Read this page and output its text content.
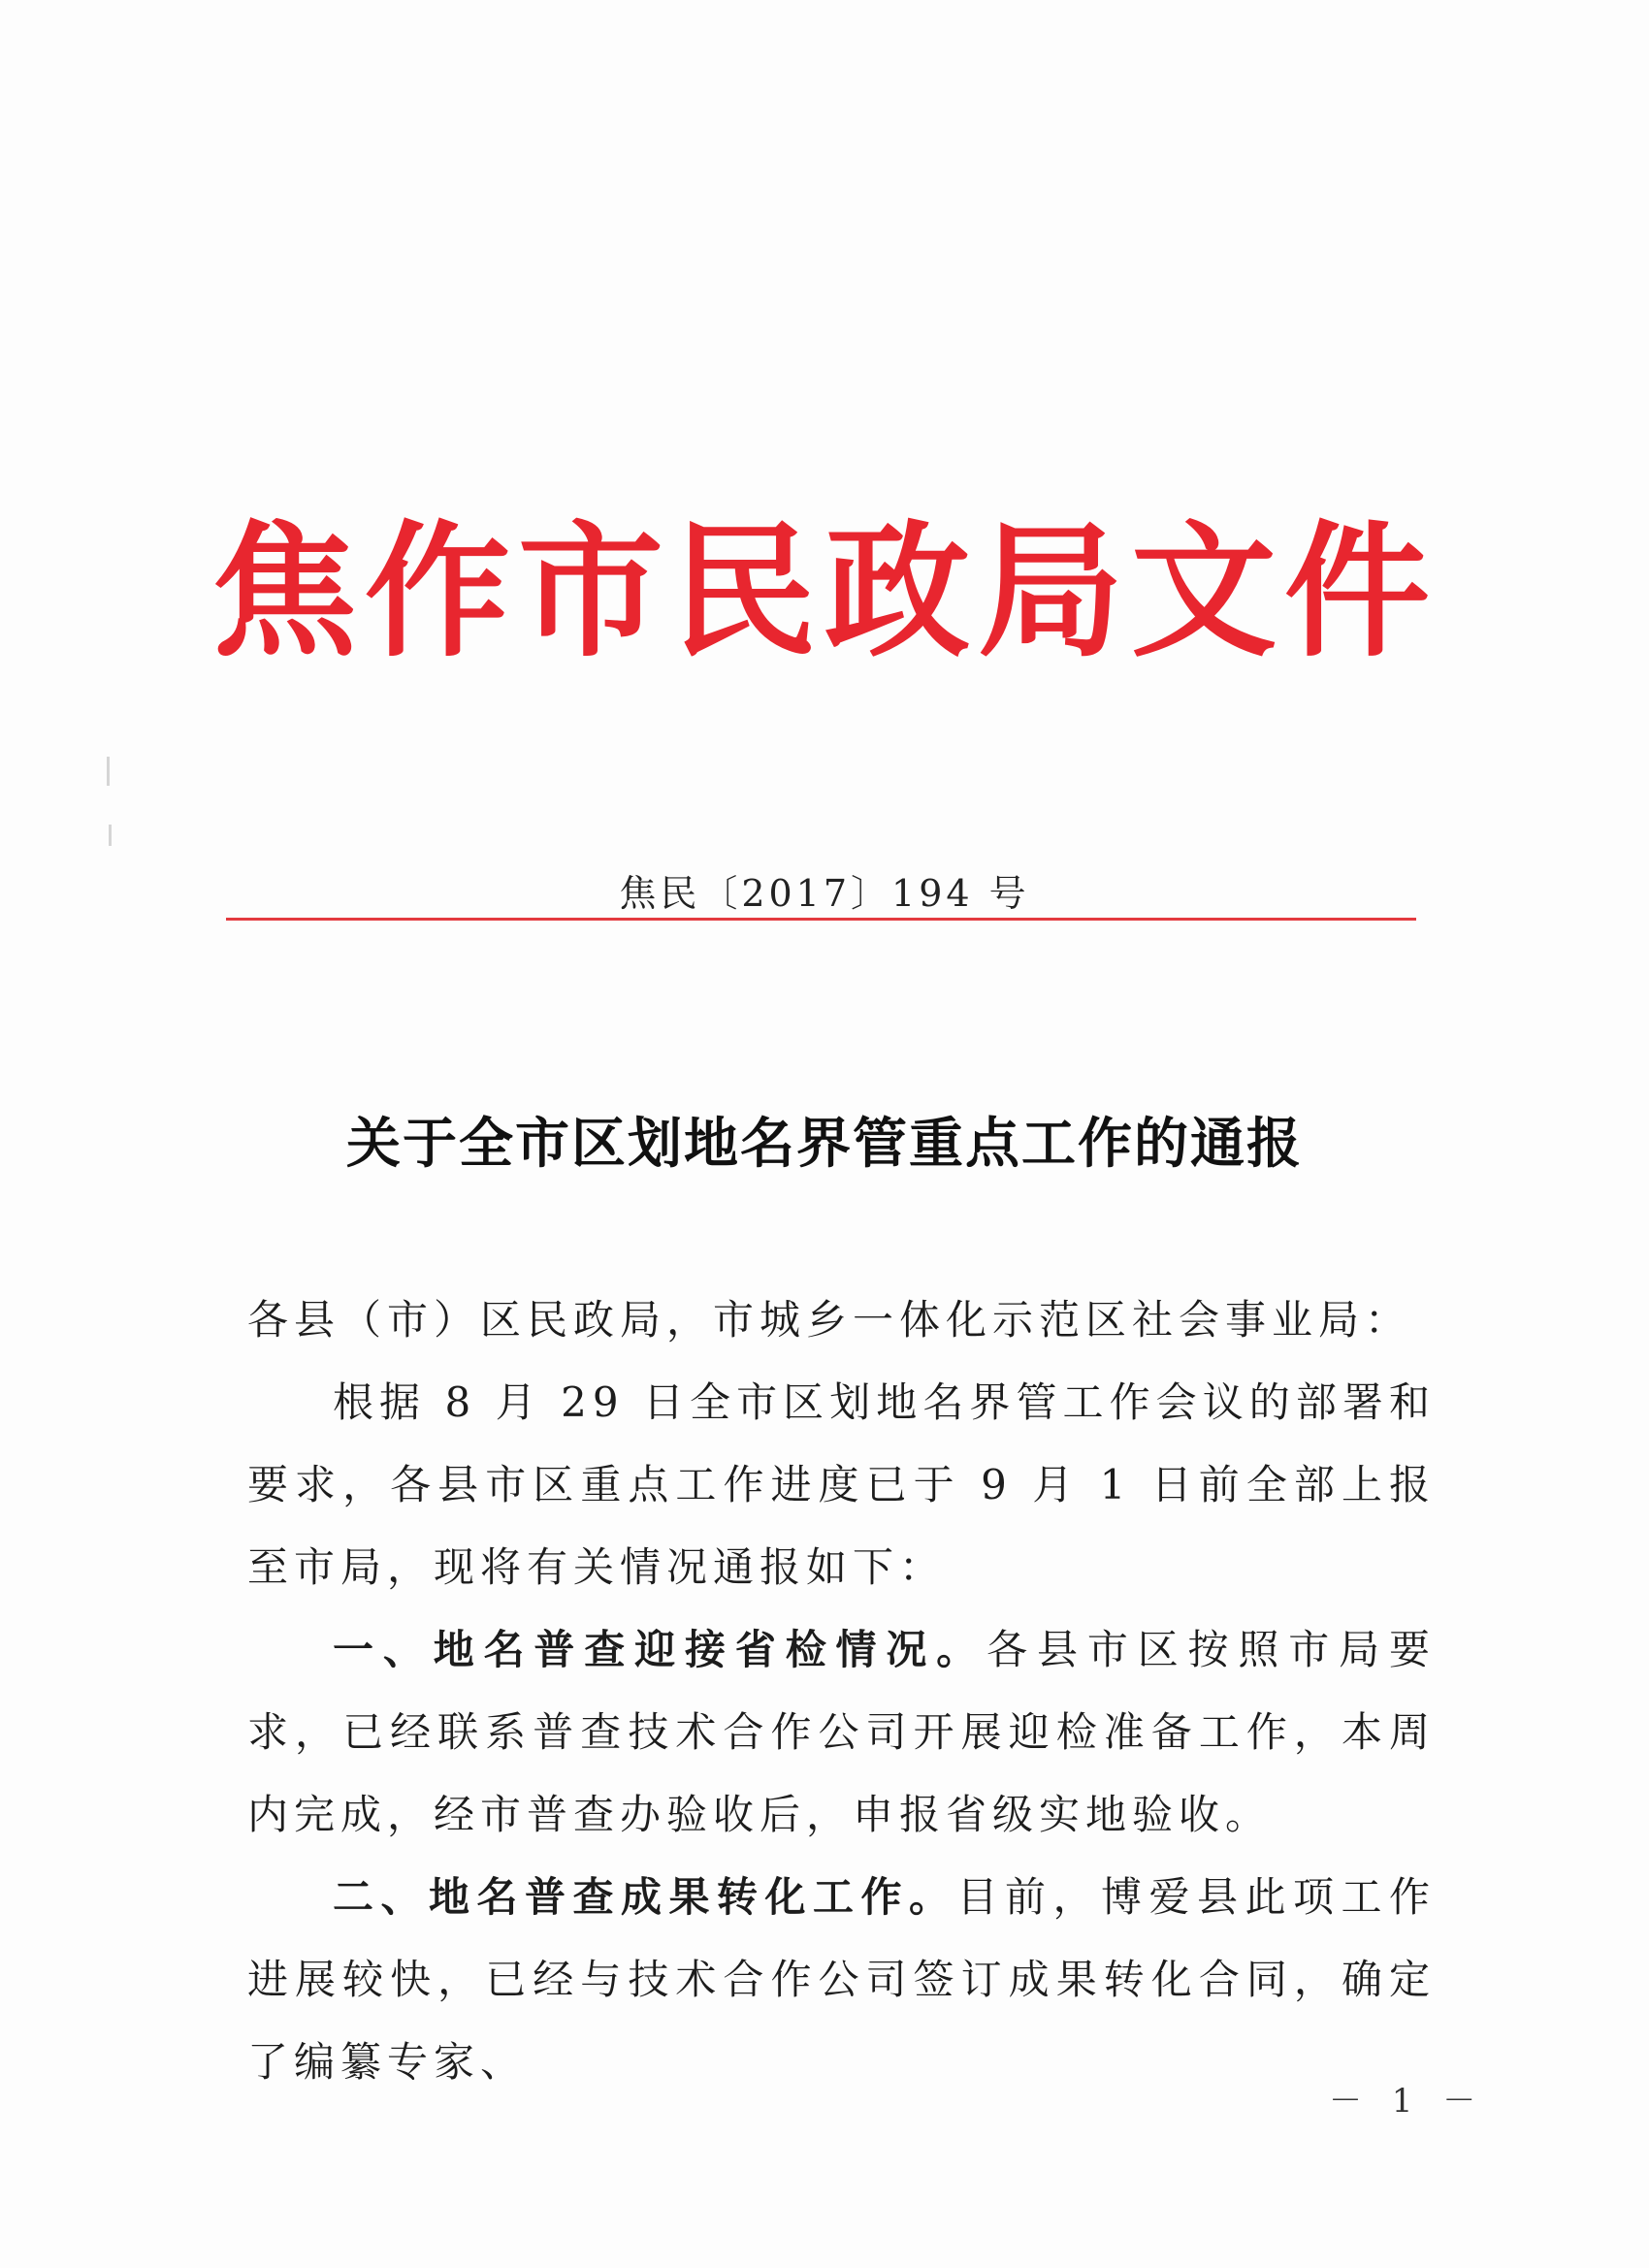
焦作市民政局文件
焦民〔2017〕194 号
关于全市区划地名界管重点工作的通报

各县（市）区民政局，市城乡一体化示范区社会事业局：

根据 8 月 29 日全市区划地名界管工作会议的部署和要求，各县市区重点工作进度已于 9 月 1 日前全部上报至市局，现将有关情况通报如下：

一、地名普查迎接省检情况。各县市区按照市局要求，已经联系普查技术合作公司开展迎检准备工作，本周内完成，经市普查办验收后，申报省级实地验收。

二、地名普查成果转化工作。目前，博爱县此项工作进展较快，已经与技术合作公司签订成果转化合同，确定了编纂专家、

－ 1 －
